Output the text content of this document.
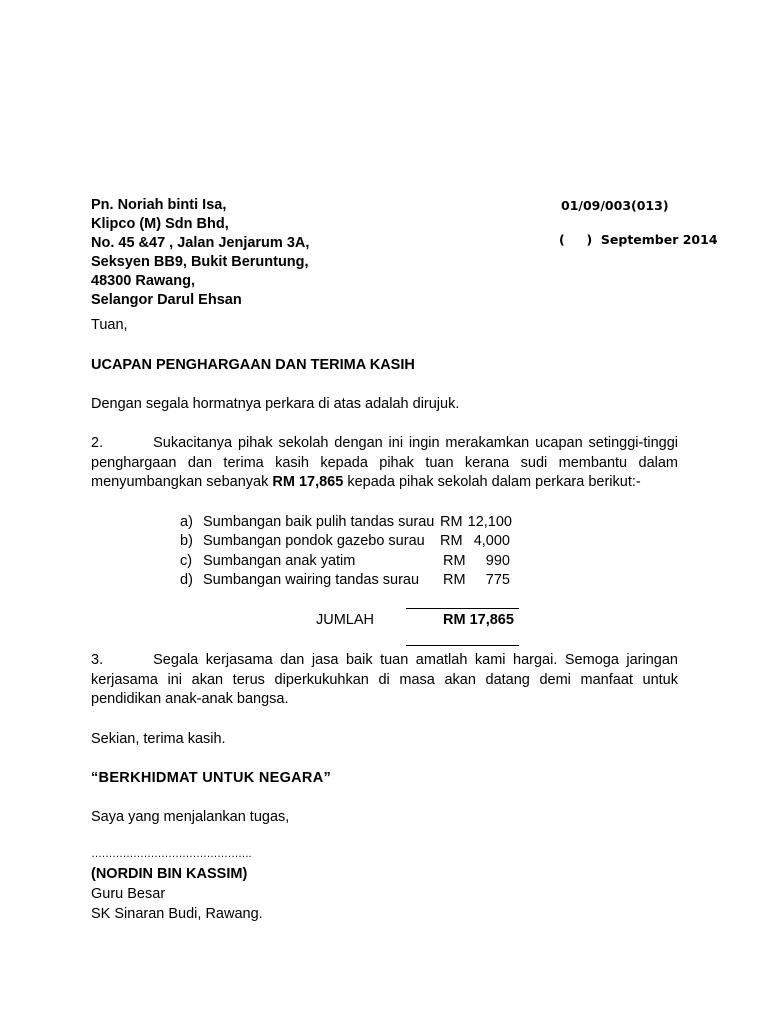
Pn. Noriah binti Isa,
Klipco (M) Sdn Bhd,
No. 45 &47 , Jalan Jenjarum 3A,
Seksyen BB9, Bukit Beruntung,
48300 Rawang,
Selangor Darul Ehsan
01/09/003(013)
(     )  September 2014
Tuan,
UCAPAN PENGHARGAAN DAN TERIMA KASIH
Dengan segala hormatnya perkara di atas adalah dirujuk.
2.	Sukacitanya pihak sekolah dengan ini ingin merakamkan ucapan setinggi-tinggi penghargaan dan terima kasih kepada pihak tuan kerana sudi membantu dalam menyumbangkan sebanyak RM 17,865 kepada pihak sekolah dalam perkara berikut:-
a) Sumbangan baik pulih tandas surau RM 12,100
b) Sumbangan pondok gazebo surau RM 4,000
c) Sumbangan anak yatim	RM	990
d) Sumbangan wairing tandas surau RM	775
JUMLAH	RM 17,865
3.	Segala kerjasama dan jasa baik tuan amatlah kami hargai. Semoga jaringan kerjasama ini akan terus diperkukuhkan di masa akan datang demi manfaat untuk pendidikan anak-anak bangsa.
Sekian, terima kasih.
“BERKHIDMAT UNTUK NEGARA”
Saya yang menjalankan tugas,
……………………………………….
(NORDIN BIN KASSIM)
Guru Besar
SK Sinaran Budi, Rawang.
